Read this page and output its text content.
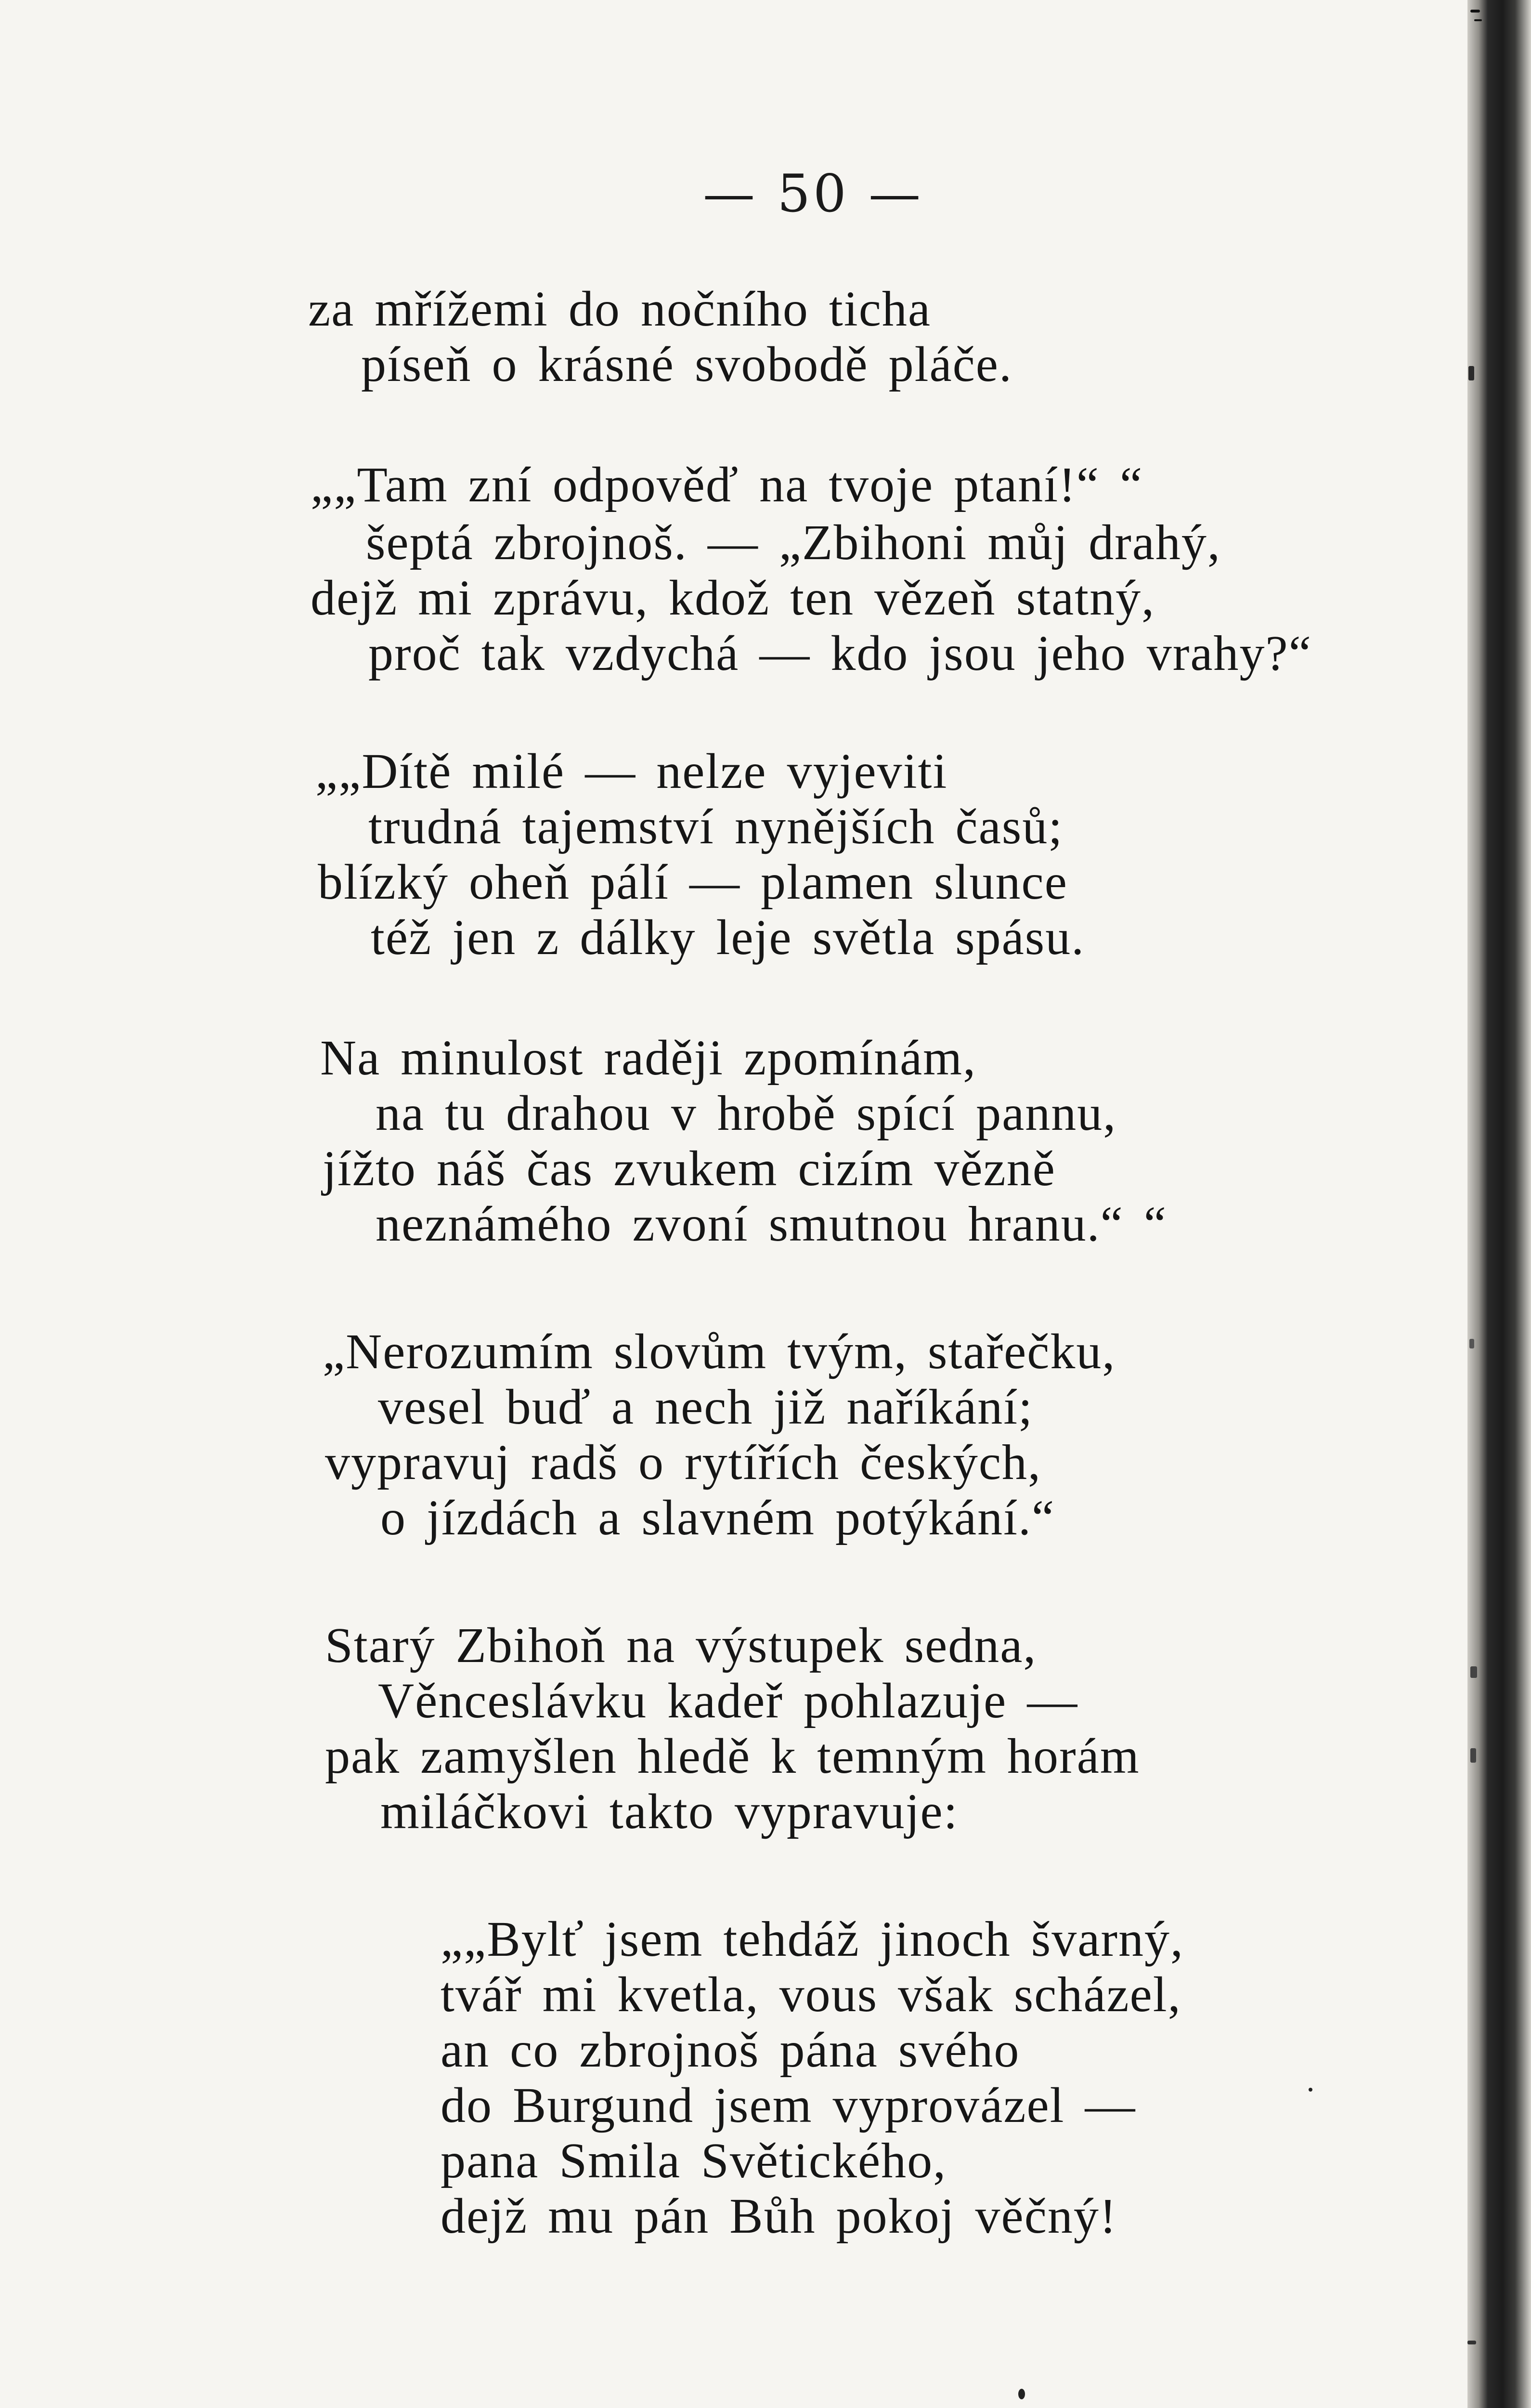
— 50 —
za mřížemi do nočního ticha
píseň o krásné svobodě pláče.
„„Tam zní odpověď na tvoje ptaní!“ “
šeptá zbrojnoš. — „Zbihoni můj drahý,
dejž mi zprávu, kdož ten vězeň statný,
proč tak vzdychá — kdo jsou jeho vrahy?“
„„Dítě milé — nelze vyjeviti
trudná tajemství nynějších časů;
blízký oheň pálí — plamen slunce
též jen z dálky leje světla spásu.
Na minulost raději zpomínám,
na tu drahou v hrobě spící pannu,
jížto náš čas zvukem cizím vězně
neznámého zvoní smutnou hranu.“ “
„Nerozumím slovům tvým, stařečku,
vesel buď a nech již naříkání;
vypravuj radš o rytířích českých,
o jízdách a slavném potýkání.“
Starý Zbihoň na výstupek sedna,
Věnceslávku kadeř pohlazuje —
pak zamyšlen hledě k temným horám
miláčkovi takto vypravuje:
„„Bylť jsem tehdáž jinoch švarný,
tvář mi kvetla, vous však scházel,
an co zbrojnoš pána svého
do Burgund jsem vyprovázel —
pana Smila Světického,
dejž mu pán Bůh pokoj věčný!
